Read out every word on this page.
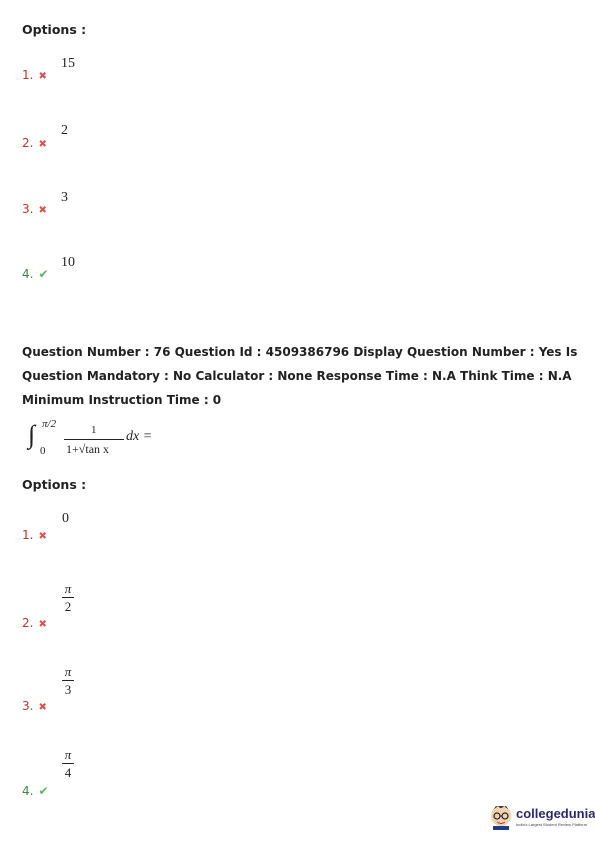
Options :
1. ✖
15
2. ✖
2
3. ✖
3
4. ✔
10
Question Number : 76 Question Id : 4509386796 Display Question Number : Yes Is Question Mandatory : No Calculator : None Response Time : N.A Think Time : N.A Minimum Instruction Time : 0
∫ π/2
0
1
1+√tan x
dx =
Options :
1. ✖
0
2. ✖
π
2
3. ✖
π
3
4. ✔
π
4
collegedunia
India's Largest Student Review Platform
